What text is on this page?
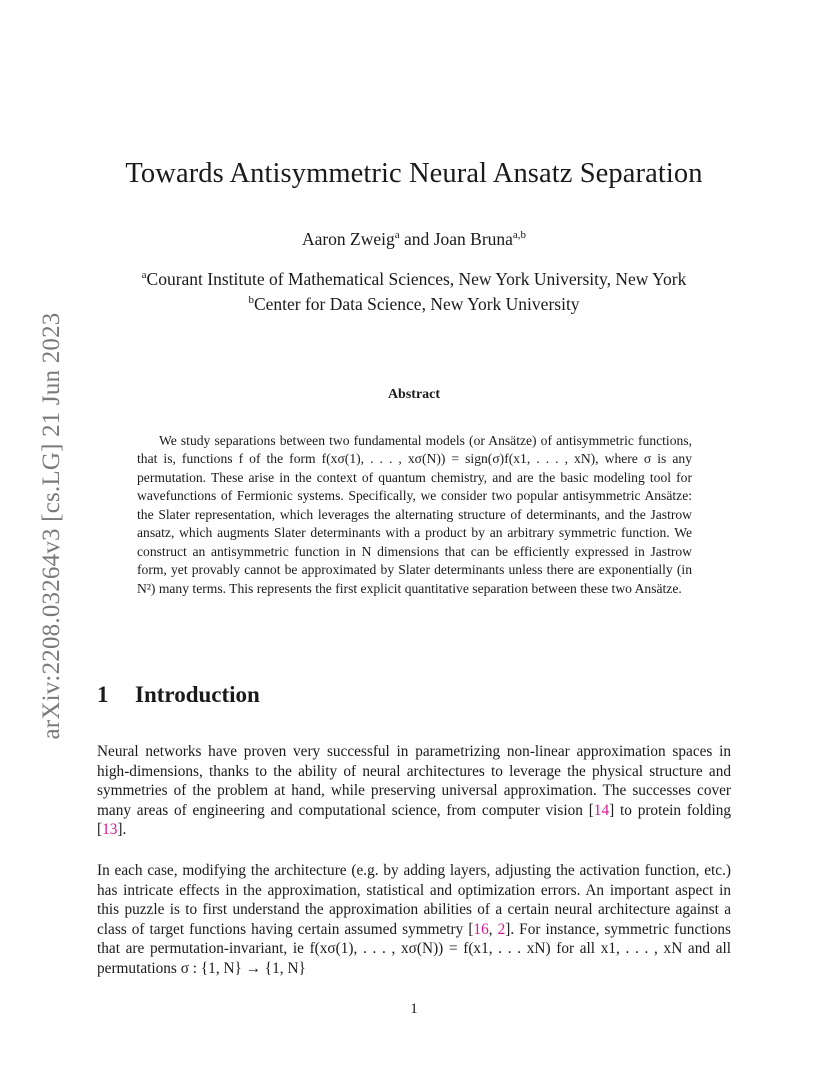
arXiv:2208.03264v3 [cs.LG] 21 Jun 2023
Towards Antisymmetric Neural Ansatz Separation
Aaron Zweig$^a$ and Joan Bruna$^{a,b}$
$^a$Courant Institute of Mathematical Sciences, New York University, New York
$^b$Center for Data Science, New York University
Abstract

We study separations between two fundamental models (or Ansätze) of antisymmetric functions, that is, functions f of the form f(xσ(1), . . . , xσ(N)) = sign(σ)f(x1, . . . , xN), where σ is any permutation. These arise in the context of quantum chemistry, and are the basic modeling tool for wavefunctions of Fermionic systems. Specifically, we consider two popular antisymmetric Ansätze: the Slater representation, which leverages the alternating structure of determinants, and the Jastrow ansatz, which augments Slater determinants with a product by an arbitrary symmetric function. We construct an antisymmetric function in N dimensions that can be efficiently expressed in Jastrow form, yet provably cannot be approximated by Slater determinants unless there are exponentially (in N²) many terms. This represents the first explicit quantitative separation between these two Ansätze.

1 Introduction

Neural networks have proven very successful in parametrizing non-linear approximation spaces in high-dimensions, thanks to the ability of neural architectures to leverage the physical structure and symmetries of the problem at hand, while preserving universal approximation. The successes cover many areas of engineering and computational science, from computer vision [14] to protein folding [13].

In each case, modifying the architecture (e.g. by adding layers, adjusting the activation function, etc.) has intricate effects in the approximation, statistical and optimization errors. An important aspect in this puzzle is to first understand the approximation abilities of a certain neural architecture against a class of target functions having certain assumed symmetry [16, 2]. For instance, symmetric functions that are permutation-invariant, ie f(xσ(1), . . . , xσ(N)) = f(x1, . . . xN) for all x1, . . . , xN and all permutations σ : {1, N} → {1, N}

1
